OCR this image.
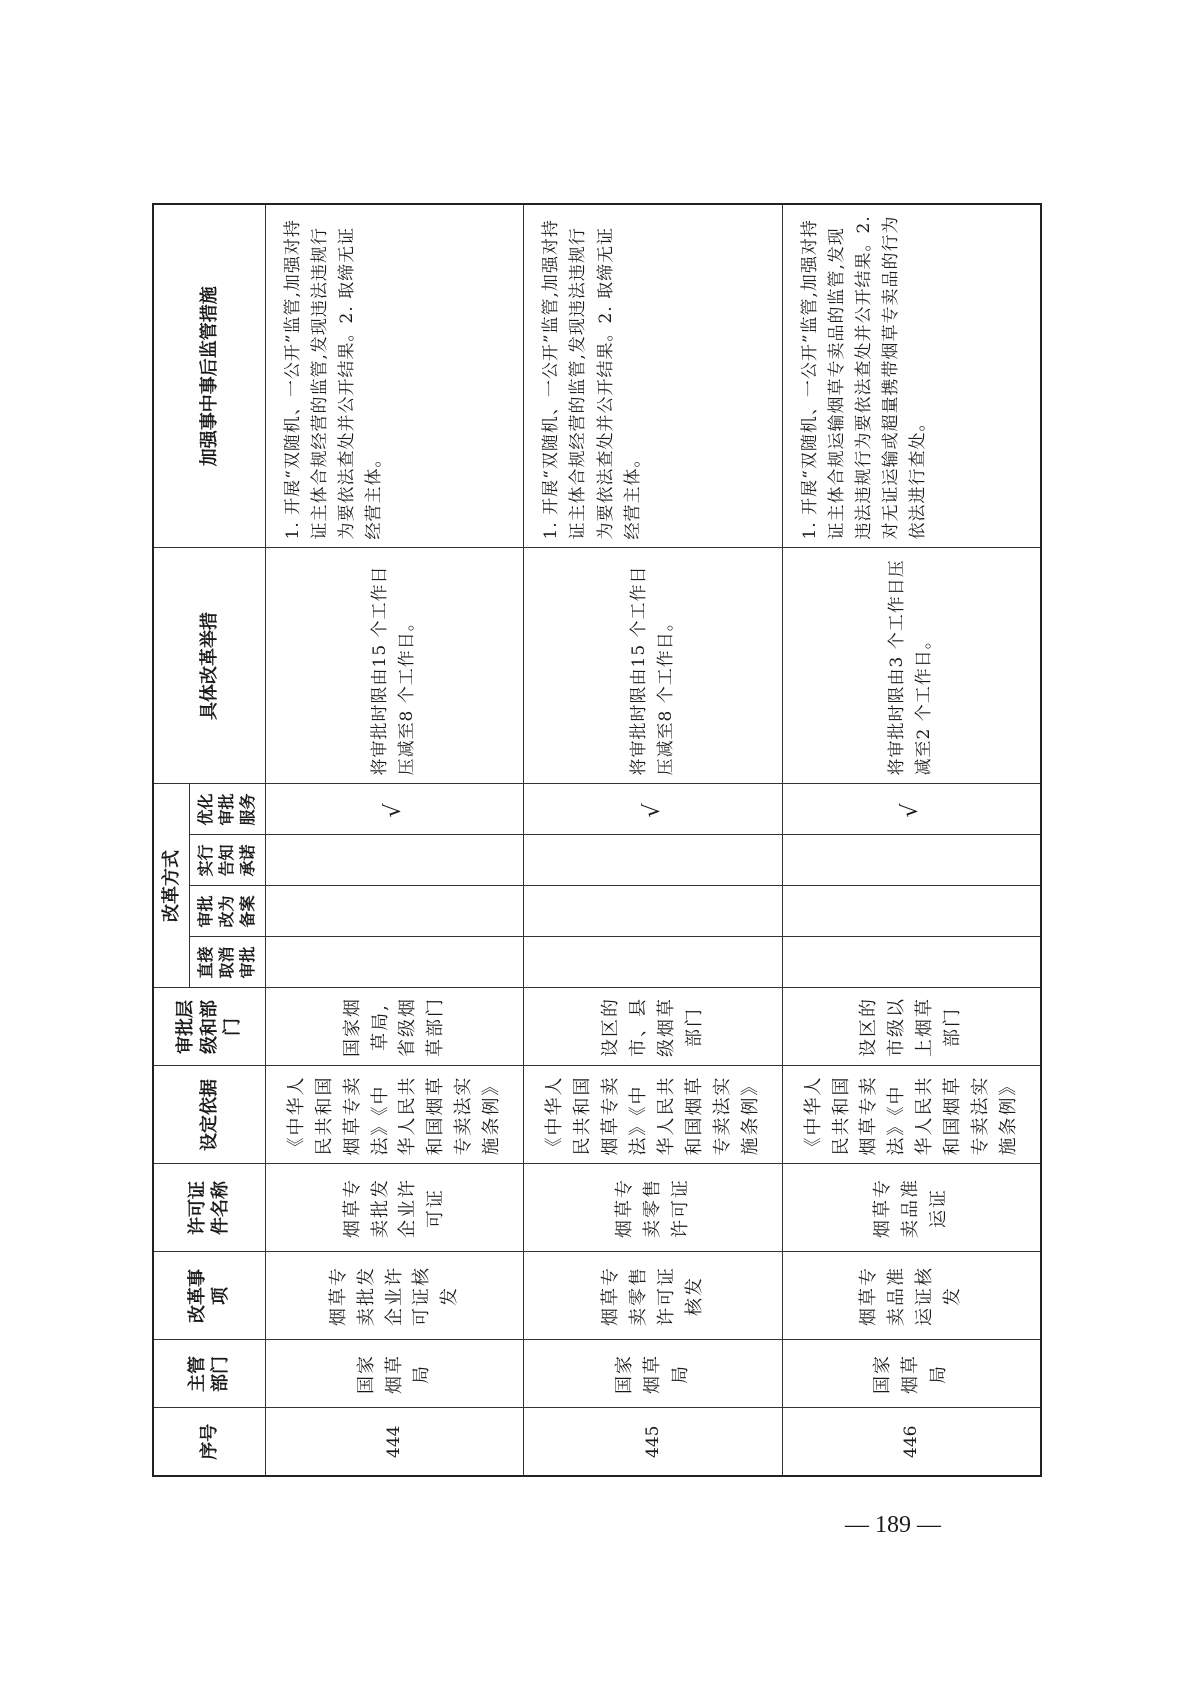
序号	主管部门	改革事项	许可证件名称	设定依据	审批层级和部门	改革方式				具体改革举措	加强事中事后监管措施
						直接取消审批	审批改为备案	实行告知承诺	优化审批服务		
444	国家烟草局	烟草专卖批发企业许可证核发	烟草专卖批发企业许可证	《中华人民共和国烟草专卖法》《中华人民共和国烟草专卖法实施条例》	国家烟草局,省级烟草部门				√	将审批时限由15 个工作日压减至8 个工作日。	1. 开展“双随机、一公开”监管,加强对持证主体合规经营的监管,发现违法违规行为要依法查处并公开结果。2. 取缔无证经营主体。
445	国家烟草局	烟草专卖零售许可证核发	烟草专卖零售许可证	《中华人民共和国烟草专卖法》《中华人民共和国烟草专卖法实施条例》	设区的市、县级烟草部门				√	将审批时限由15 个工作日压减至8 个工作日。	1. 开展“双随机、一公开”监管,加强对持证主体合规经营的监管,发现违法违规行为要依法查处并公开结果。2. 取缔无证经营主体。
446	国家烟草局	烟草专卖品准运证核发	烟草专卖品准运证	《中华人民共和国烟草专卖法》《中华人民共和国烟草专卖法实施条例》	设区的市级以上烟草部门				√	将审批时限由3 个工作日压减至2 个工作日。	1. 开展“双随机、一公开”监管,加强对持证主体合规运输烟草专卖品的监管,发现违法违规行为要依法查处并公开结果。2. 对无证运输或超量携带烟草专卖品的行为依法进行查处。
— 189 —
